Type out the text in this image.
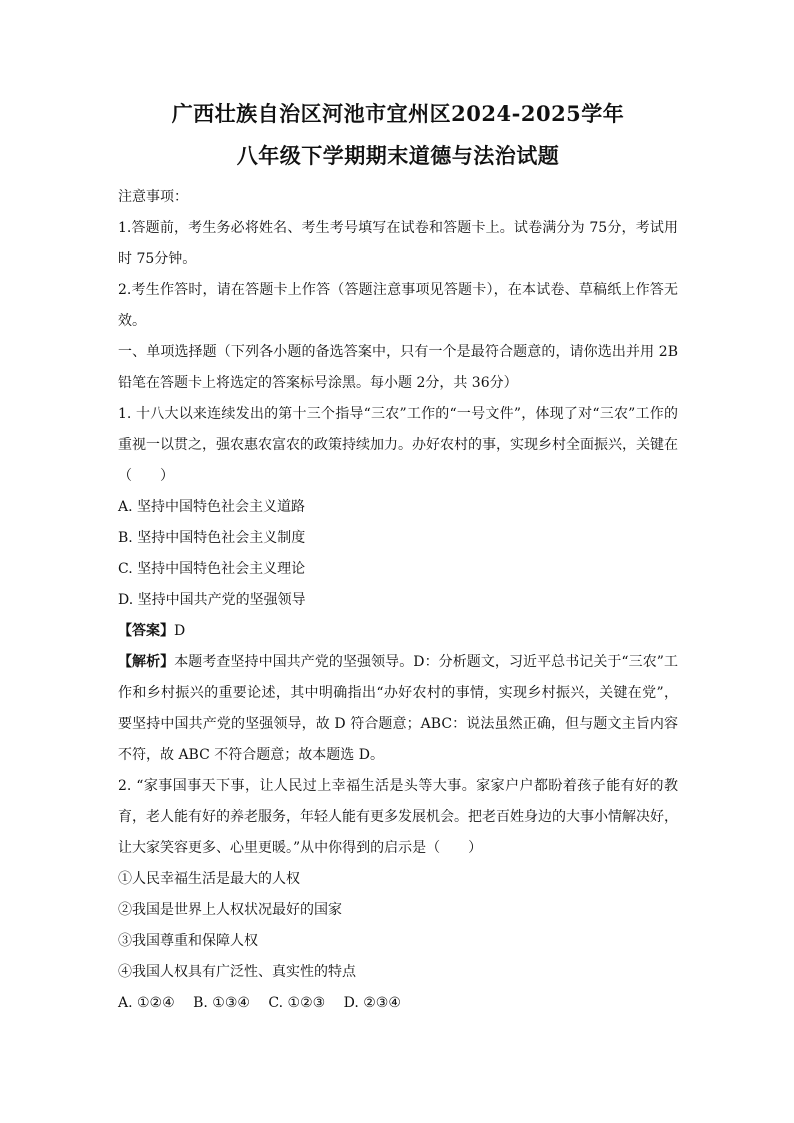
广西壮族自治区河池市宜州区2024-2025学年

八年级下学期期末道德与法治试题

注意事项：

1.答题前，考生务必将姓名、考生考号填写在试卷和答题卡上。试卷满分为 75分，考试用时 75分钟。

2.考生作答时，请在答题卡上作答（答题注意事项见答题卡），在本试卷、草稿纸上作答无效。

一、单项选择题（下列各小题的备选答案中，只有一个是最符合题意的，请你选出并用 2B铅笔在答题卡上将选定的答案标号涂黑。每小题 2分，共 36分）

1. 十八大以来连续发出的第十三个指导“三农”工作的“一号文件”，体现了对“三农”工作的重视一以贯之，强农惠农富农的政策持续加力。办好农村的事，实现乡村全面振兴，关键在（　　）

A. 坚持中国特色社会主义道路

B. 坚持中国特色社会主义制度

C. 坚持中国特色社会主义理论

D. 坚持中国共产党的坚强领导

【答案】D

【解析】本题考查坚持中国共产党的坚强领导。D：分析题文，习近平总书记关于“三农”工作和乡村振兴的重要论述，其中明确指出“办好农村的事情，实现乡村振兴，关键在党”，要坚持中国共产党的坚强领导，故 D 符合题意；ABC：说法虽然正确，但与题文主旨内容不符，故 ABC 不符合题意；故本题选 D。

2. “家事国事天下事，让人民过上幸福生活是头等大事。家家户户都盼着孩子能有好的教育，老人能有好的养老服务，年轻人能有更多发展机会。把老百姓身边的大事小情解决好，让大家笑容更多、心里更暖。”从中你得到的启示是（　　）

①人民幸福生活是最大的人权

②我国是世界上人权状况最好的国家

③我国尊重和保障人权

④我国人权具有广泛性、真实性的特点

A. ①②④　 B. ①③④　 C. ①②③　 D. ②③④
